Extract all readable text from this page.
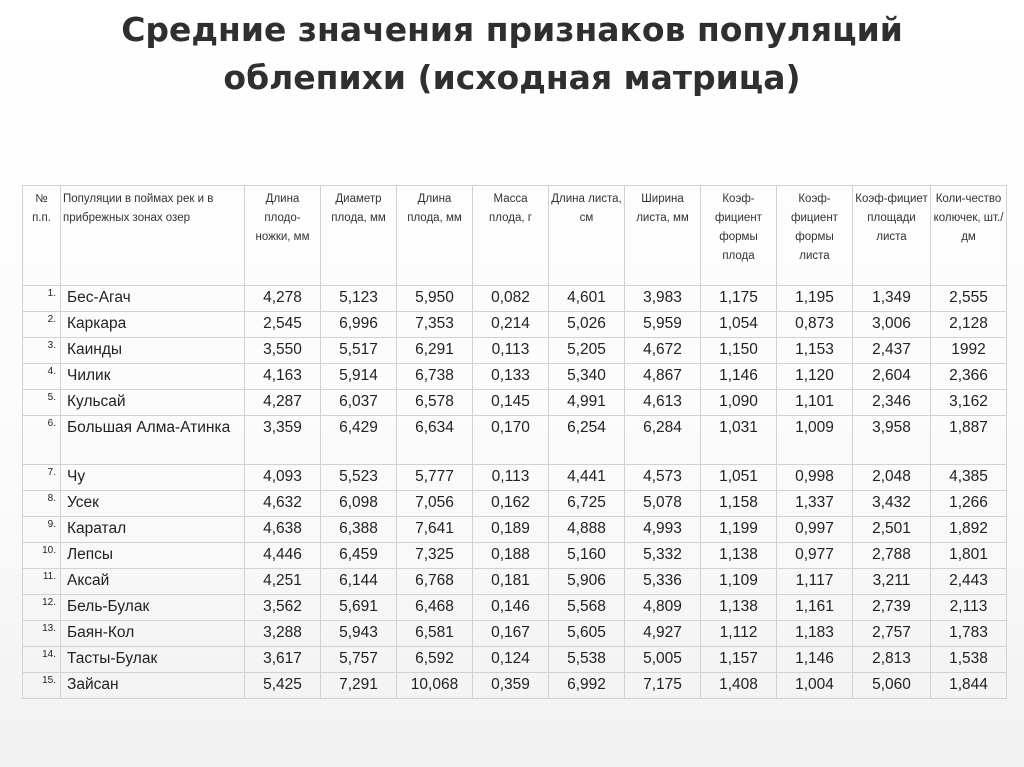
Средние значения признаков популяций
облепихи (исходная матрица)
№ п.п.	Популяции в поймах рек и в прибрежных зонах озер	Длина плодо-ножки, мм	Диаметр плода, мм	Длина плода, мм	Масса плода, г	Длина листа, см	Ширина листа, мм	Коэф-фициент формы плода	Коэф-фициент формы листа	Коэф-фициет площади листа	Коли-чество колючек, шт./дм
1.	Бес-Агач	4,278	5,123	5,950	0,082	4,601	3,983	1,175	1,195	1,349	2,555
2.	Каркара	2,545	6,996	7,353	0,214	5,026	5,959	1,054	0,873	3,006	2,128
3.	Каинды	3,550	5,517	6,291	0,113	5,205	4,672	1,150	1,153	2,437	1992
4.	Чилик	4,163	5,914	6,738	0,133	5,340	4,867	1,146	1,120	2,604	2,366
5.	Кульсай	4,287	6,037	6,578	0,145	4,991	4,613	1,090	1,101	2,346	3,162
6.	Большая Алма-Атинка	3,359	6,429	6,634	0,170	6,254	6,284	1,031	1,009	3,958	1,887
7.	Чу	4,093	5,523	5,777	0,113	4,441	4,573	1,051	0,998	2,048	4,385
8.	Усек	4,632	6,098	7,056	0,162	6,725	5,078	1,158	1,337	3,432	1,266
9.	Каратал	4,638	6,388	7,641	0,189	4,888	4,993	1,199	0,997	2,501	1,892
10.	Лепсы	4,446	6,459	7,325	0,188	5,160	5,332	1,138	0,977	2,788	1,801
11.	Аксай	4,251	6,144	6,768	0,181	5,906	5,336	1,109	1,117	3,211	2,443
12.	Бель-Булак	3,562	5,691	6,468	0,146	5,568	4,809	1,138	1,161	2,739	2,113
13.	Баян-Кол	3,288	5,943	6,581	0,167	5,605	4,927	1,112	1,183	2,757	1,783
14.	Тасты-Булак	3,617	5,757	6,592	0,124	5,538	5,005	1,157	1,146	2,813	1,538
15.	Зайсан	5,425	7,291	10,068	0,359	6,992	7,175	1,408	1,004	5,060	1,844
